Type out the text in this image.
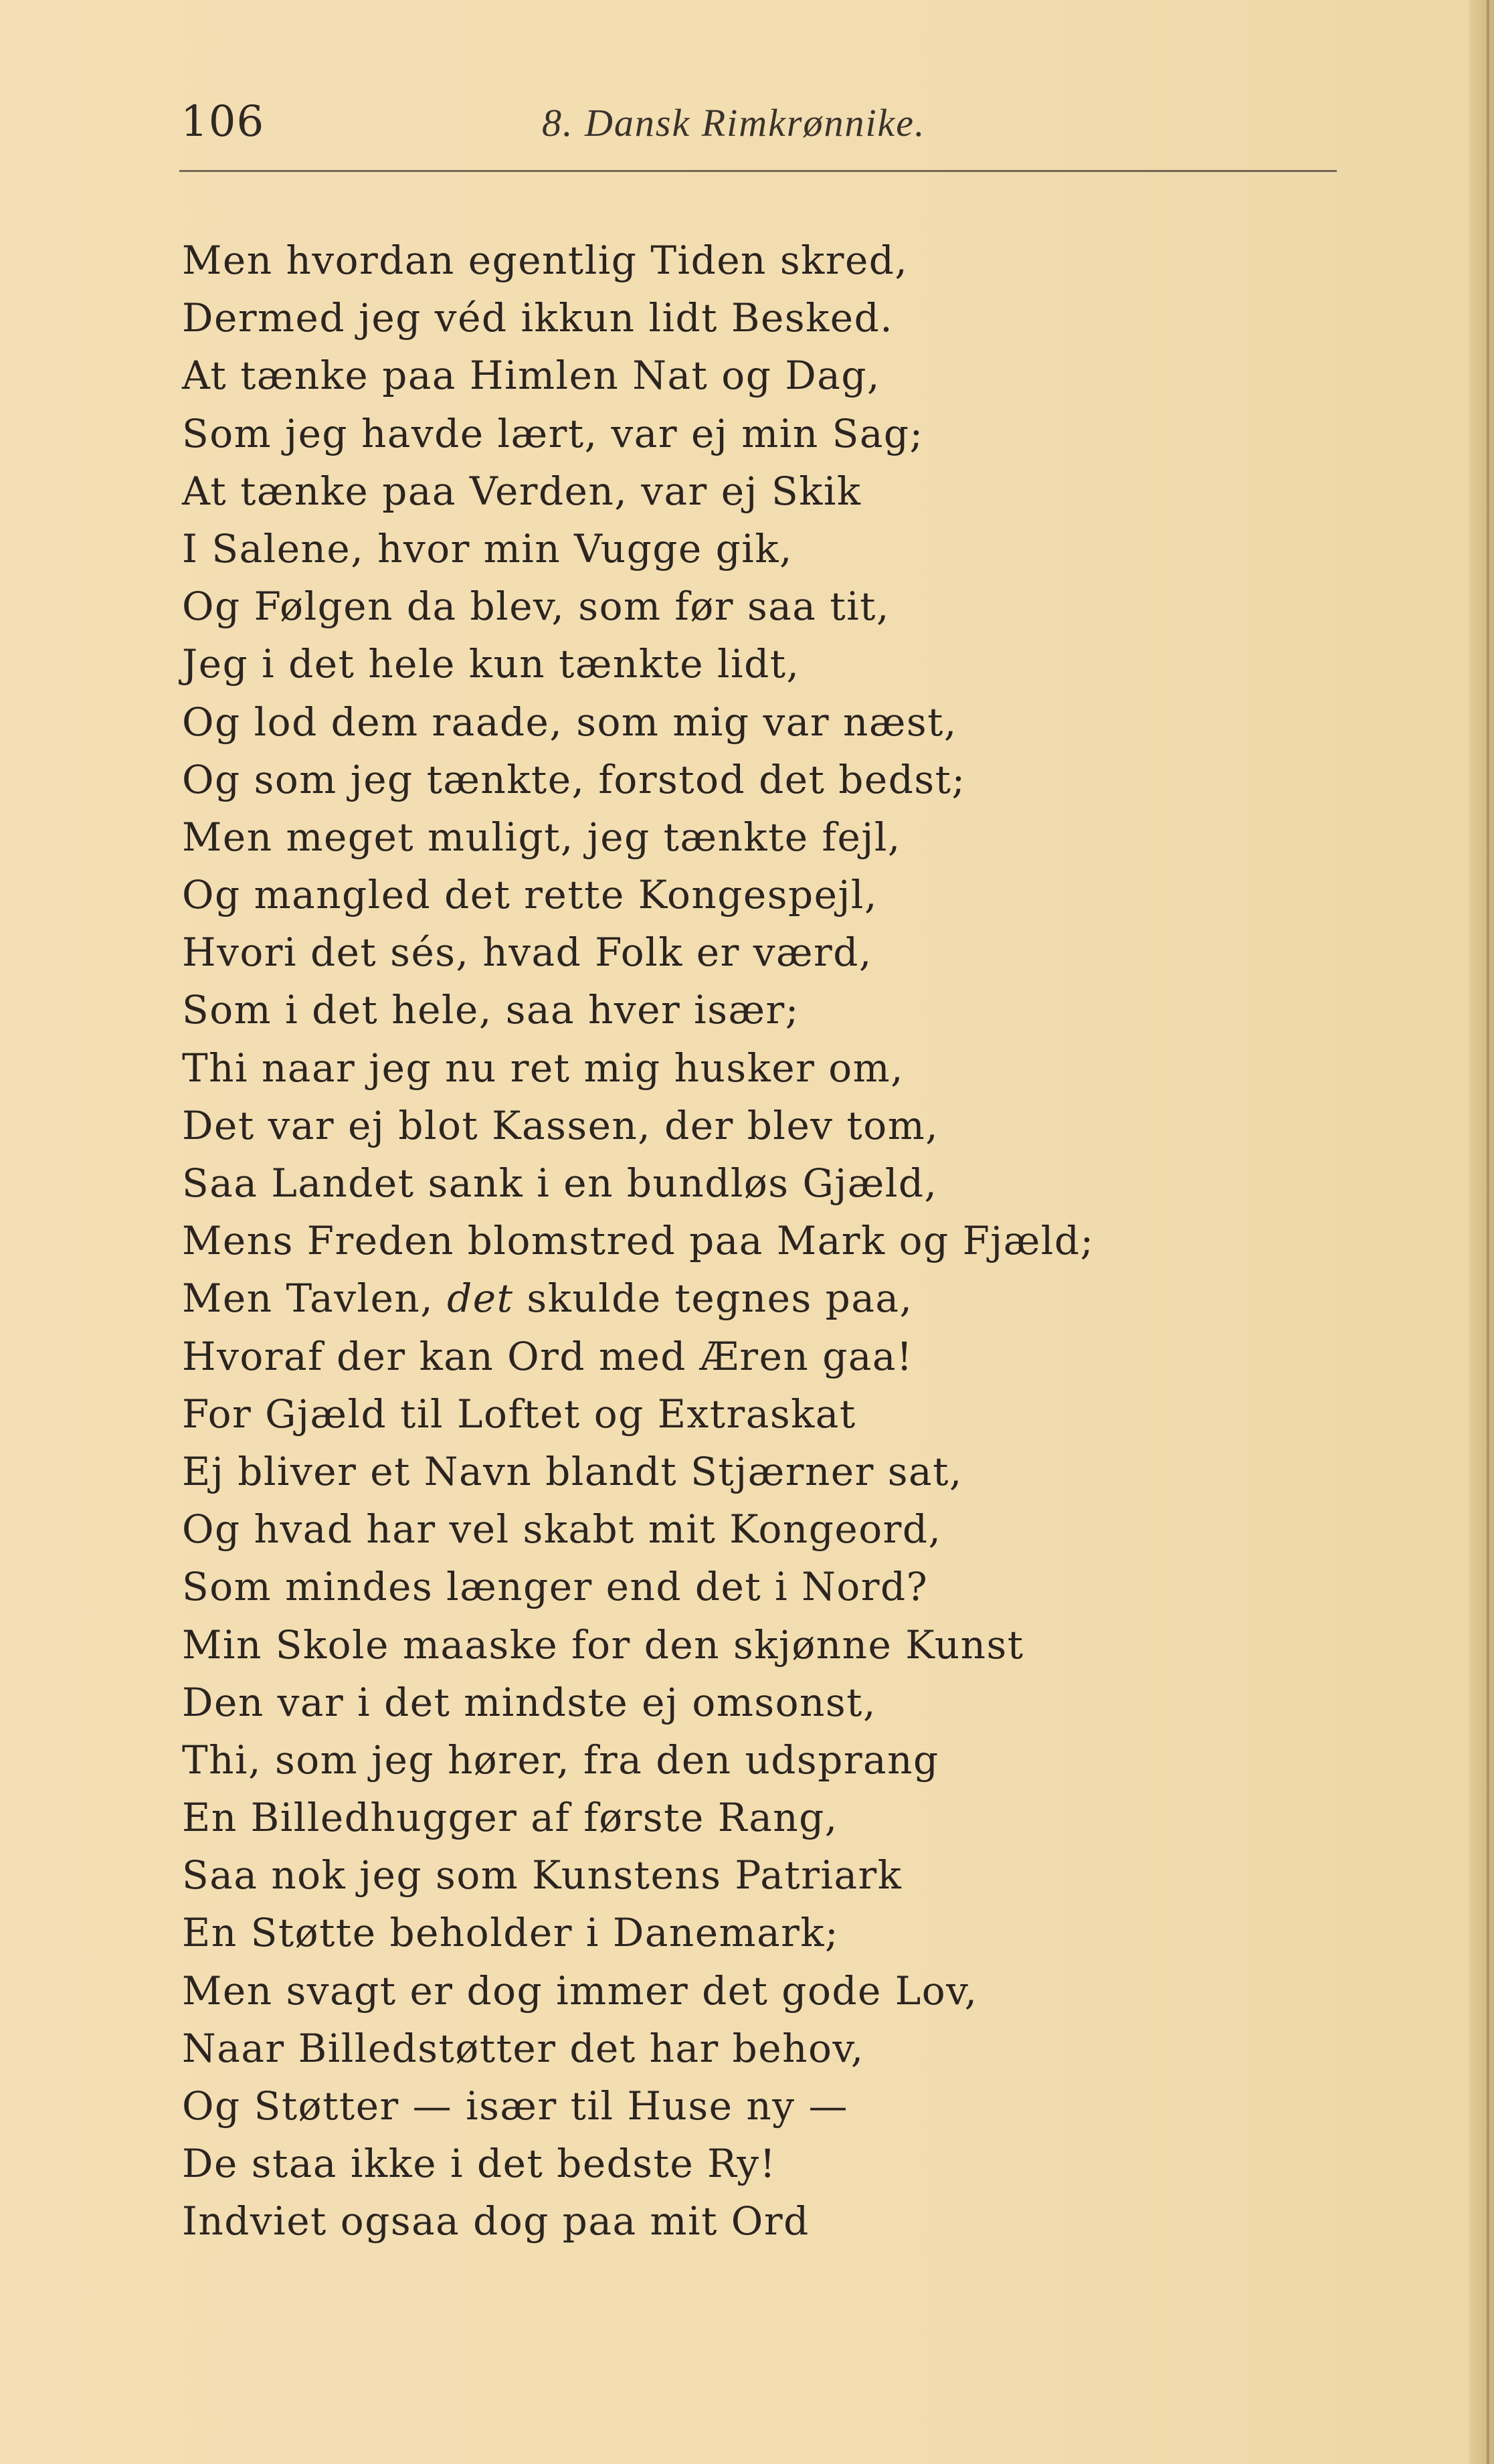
106	8. Dansk Rimkrønnike.
Men hvordan egentlig Tiden skred,
Dermed jeg véd ikkun lidt Besked.
At tænke paa Himlen Nat og Dag,
Som jeg havde lært, var ej min Sag;
At tænke paa Verden, var ej Skik
I Salene, hvor min Vugge gik,
Og Følgen da blev, som før saa tit,
Jeg i det hele kun tænkte lidt,
Og lod dem raade, som mig var næst,
Og som jeg tænkte, forstod det bedst;
Men meget muligt, jeg tænkte fejl,
Og mangled det rette Kongespejl,
Hvori det sés, hvad Folk er værd,
Som i det hele, saa hver især;
Thi naar jeg nu ret mig husker om,
Det var ej blot Kassen, der blev tom,
Saa Landet sank i en bundløs Gjæld,
Mens Freden blomstred paa Mark og Fjæld;
Men Tavlen, det skulde tegnes paa,
Hvoraf der kan Ord med Æren gaa!
For Gjæld til Loftet og Extraskat
Ej bliver et Navn blandt Stjærner sat,
Og hvad har vel skabt mit Kongeord,
Som mindes længer end det i Nord?
Min Skole maaske for den skjønne Kunst
Den var i det mindste ej omsonst,
Thi, som jeg hører, fra den udsprang
En Billedhugger af første Rang,
Saa nok jeg som Kunstens Patriark
En Støtte beholder i Danemark;
Men svagt er dog immer det gode Lov,
Naar Billedstøtter det har behov,
Og Støtter — især til Huse ny —
De staa ikke i det bedste Ry!
Indviet ogsaa dog paa mit Ord
